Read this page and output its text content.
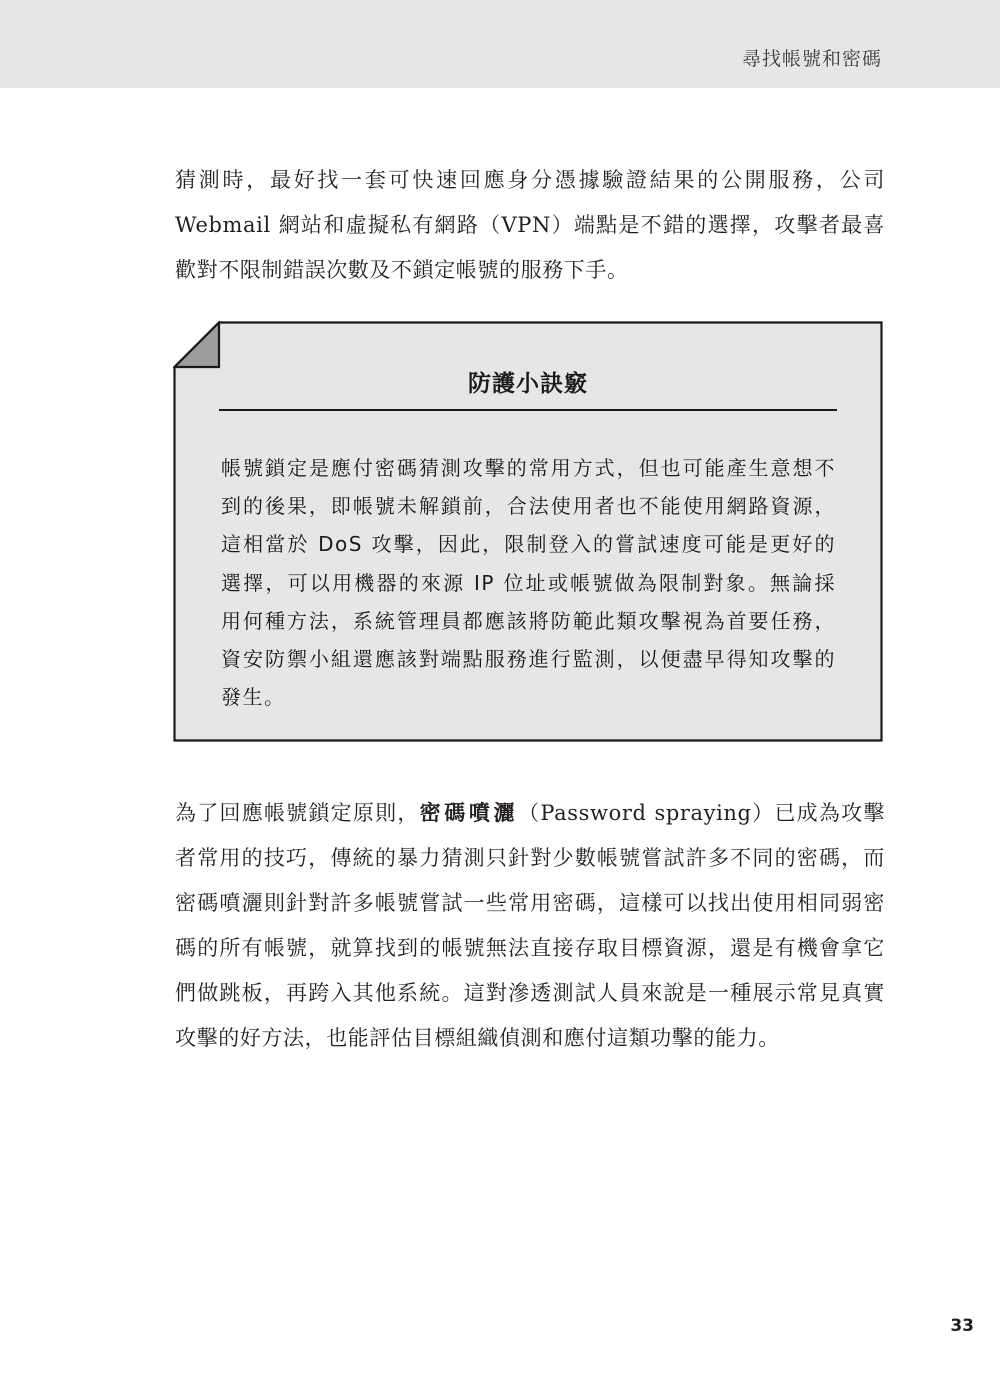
尋找帳號和密碼

猜測時，最好找一套可快速回應身分憑據驗證結果的公開服務，公司 Webmail 網站和虛擬私有網路（VPN）端點是不錯的選擇，攻擊者最喜歡對不限制錯誤次數及不鎖定帳號的服務下手。

防護小訣竅

帳號鎖定是應付密碼猜測攻擊的常用方式，但也可能產生意想不到的後果，即帳號未解鎖前，合法使用者也不能使用網路資源，這相當於 DoS 攻擊，因此，限制登入的嘗試速度可能是更好的選擇，可以用機器的來源 IP 位址或帳號做為限制對象。無論採用何種方法，系統管理員都應該將防範此類攻擊視為首要任務，資安防禦小組還應該對端點服務進行監測，以便盡早得知攻擊的發生。

為了回應帳號鎖定原則，密碼噴灑（Password spraying）已成為攻擊者常用的技巧，傳統的暴力猜測只針對少數帳號嘗試許多不同的密碼，而密碼噴灑則針對許多帳號嘗試一些常用密碼，這樣可以找出使用相同弱密碼的所有帳號，就算找到的帳號無法直接存取目標資源，還是有機會拿它們做跳板，再跨入其他系統。這對滲透測試人員來說是一種展示常見真實攻擊的好方法，也能評估目標組織偵測和應付這類功擊的能力。

33
